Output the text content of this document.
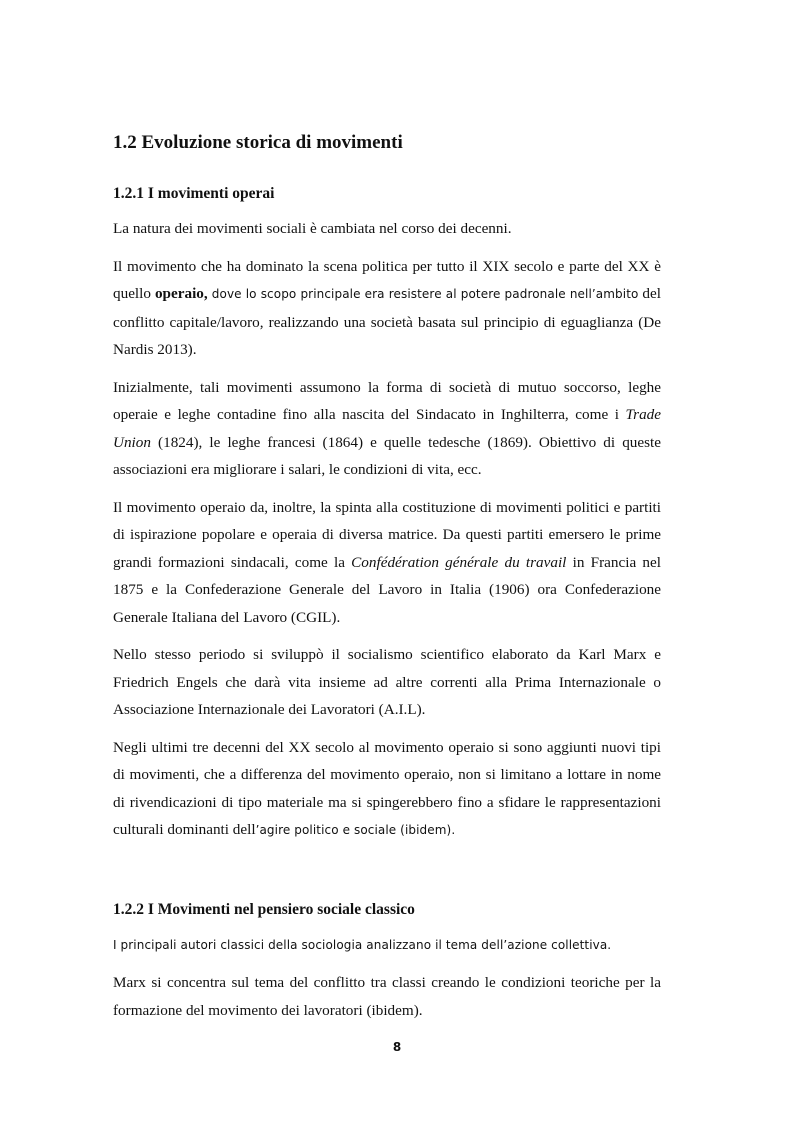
1.2 Evoluzione storica di movimenti
1.2.1 I movimenti operai

La natura dei movimenti sociali è cambiata nel corso dei decenni.

Il movimento che ha dominato la scena politica per tutto il XIX secolo e parte del XX è quello operaio, dove lo scopo principale era resistere al potere padronale nell’ambito del conflitto capitale/lavoro, realizzando una società basata sul principio di eguaglianza (De Nardis 2013).

Inizialmente, tali movimenti assumono la forma di società di mutuo soccorso, leghe operaie e leghe contadine fino alla nascita del Sindacato in Inghilterra, come i Trade Union (1824), le leghe francesi (1864) e quelle tedesche (1869). Obiettivo di queste associazioni era migliorare i salari, le condizioni di vita, ecc.

Il movimento operaio da, inoltre, la spinta alla costituzione di movimenti politici e partiti di ispirazione popolare e operaia di diversa matrice. Da questi partiti emersero le prime grandi formazioni sindacali, come la Confédération générale du travail in Francia nel 1875 e la Confederazione Generale del Lavoro in Italia (1906) ora Confederazione Generale Italiana del Lavoro (CGIL).

Nello stesso periodo si sviluppò il socialismo scientifico elaborato da Karl Marx e Friedrich Engels che darà vita insieme ad altre correnti alla Prima Internazionale o Associazione Internazionale dei Lavoratori (A.I.L).

Negli ultimi tre decenni del XX secolo al movimento operaio si sono aggiunti nuovi tipi di movimenti, che a differenza del movimento operaio, non si limitano a lottare in nome di rivendicazioni di tipo materiale ma si spingerebbero fino a sfidare le rappresentazioni culturali dominanti dell’agire politico e sociale (ibidem).

1.2.2 I Movimenti nel pensiero sociale classico

I principali autori classici della sociologia analizzano il tema dell’azione collettiva.

Marx si concentra sul tema del conflitto tra classi creando le condizioni teoriche per la formazione del movimento dei lavoratori (ibidem).

8
